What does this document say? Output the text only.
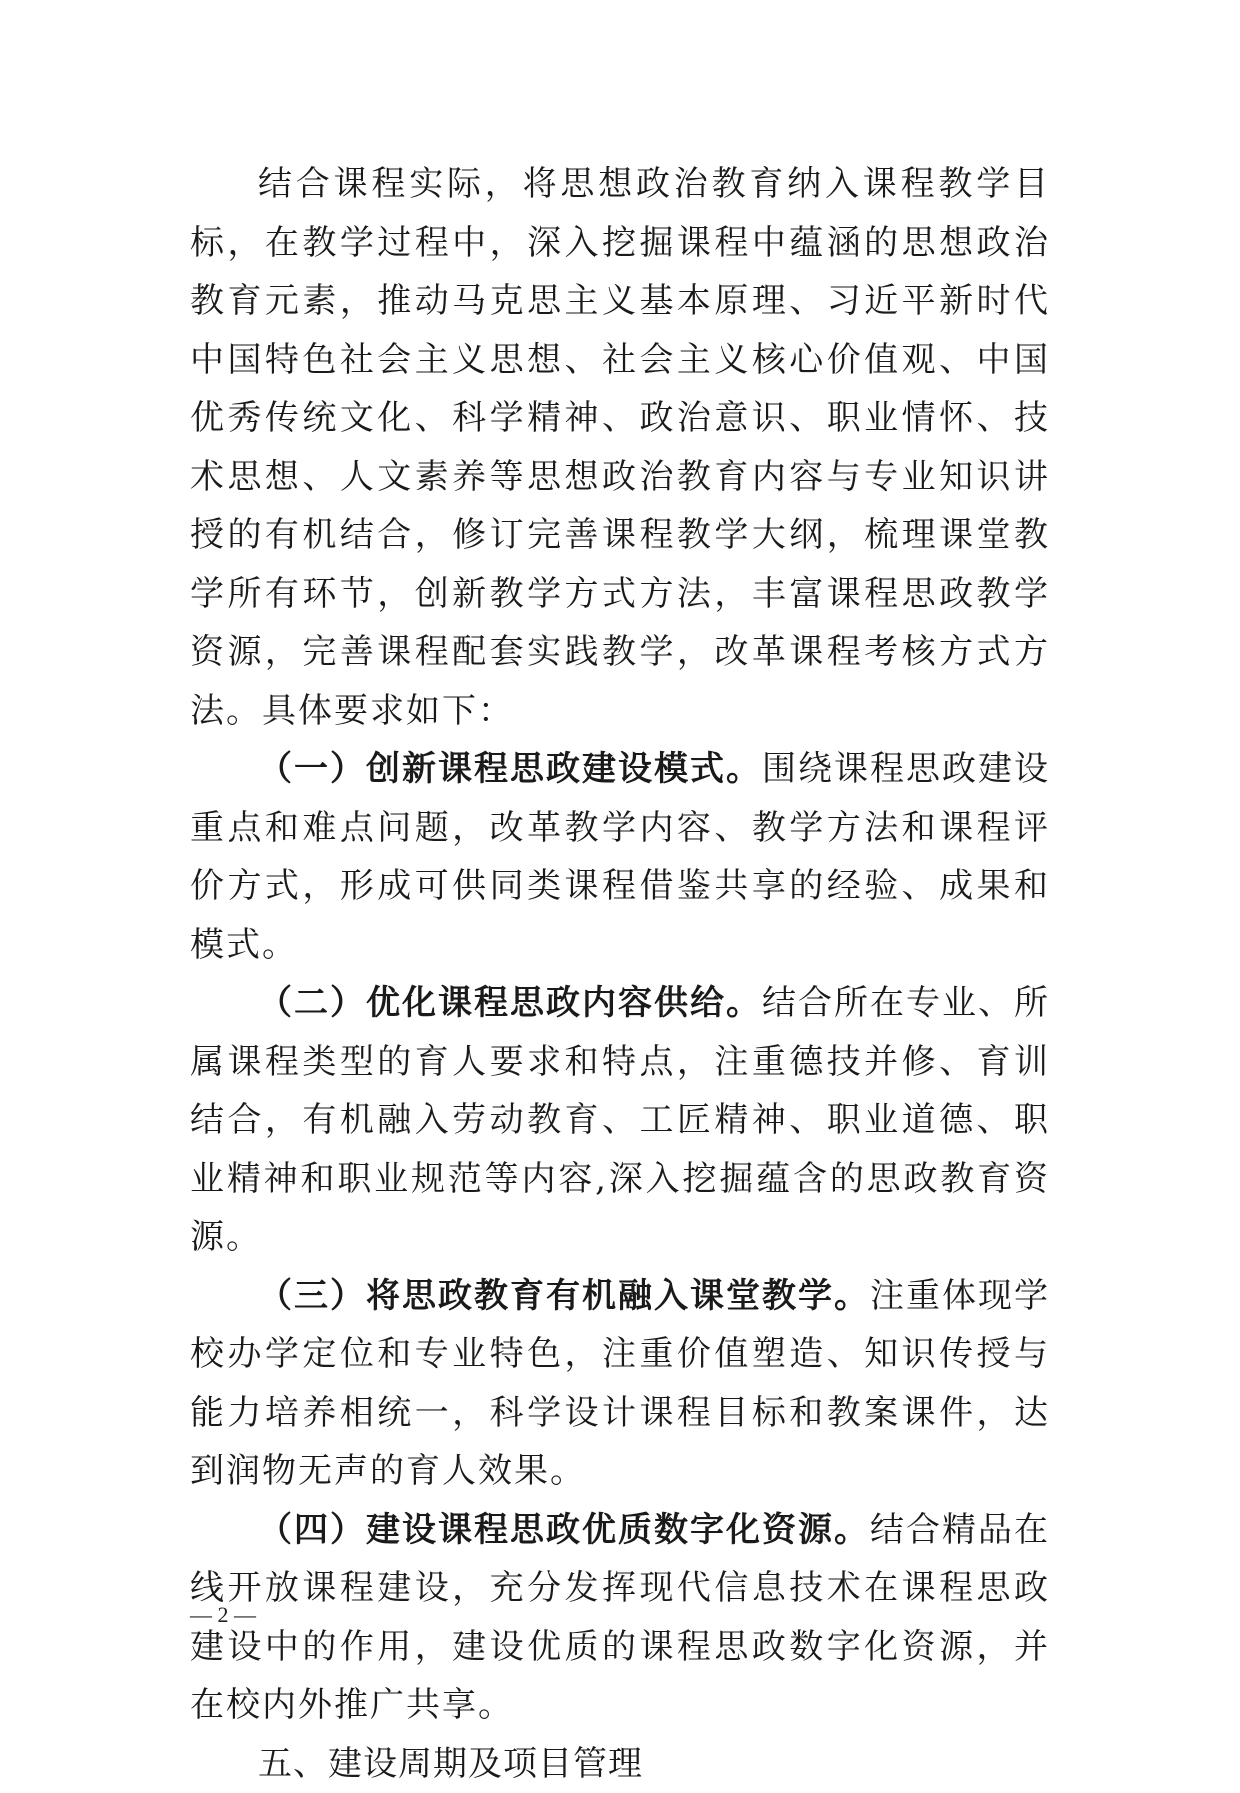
结合课程实际，将思想政治教育纳入课程教学目标，在教学过程中，深入挖掘课程中蕴涵的思想政治教育元素，推动马克思主义基本原理、习近平新时代中国特色社会主义思想、社会主义核心价值观、中国优秀传统文化、科学精神、政治意识、职业情怀、技术思想、人文素养等思想政治教育内容与专业知识讲授的有机结合，修订完善课程教学大纲，梳理课堂教学所有环节，创新教学方式方法，丰富课程思政教学资源，完善课程配套实践教学，改革课程考核方式方法。具体要求如下：

（一）创新课程思政建设模式。围绕课程思政建设重点和难点问题，改革教学内容、教学方法和课程评价方式，形成可供同类课程借鉴共享的经验、成果和模式。

（二）优化课程思政内容供给。结合所在专业、所属课程类型的育人要求和特点，注重德技并修、育训结合，有机融入劳动教育、工匠精神、职业道德、职业精神和职业规范等内容,深入挖掘蕴含的思政教育资源。

（三）将思政教育有机融入课堂教学。注重体现学校办学定位和专业特色，注重价值塑造、知识传授与能力培养相统一，科学设计课程目标和教案课件，达到润物无声的育人效果。

（四）建设课程思政优质数字化资源。结合精品在线开放课程建设，充分发挥现代信息技术在课程思政建设中的作用，建设优质的课程思政数字化资源，并在校内外推广共享。

五、建设周期及项目管理

— 2 —
